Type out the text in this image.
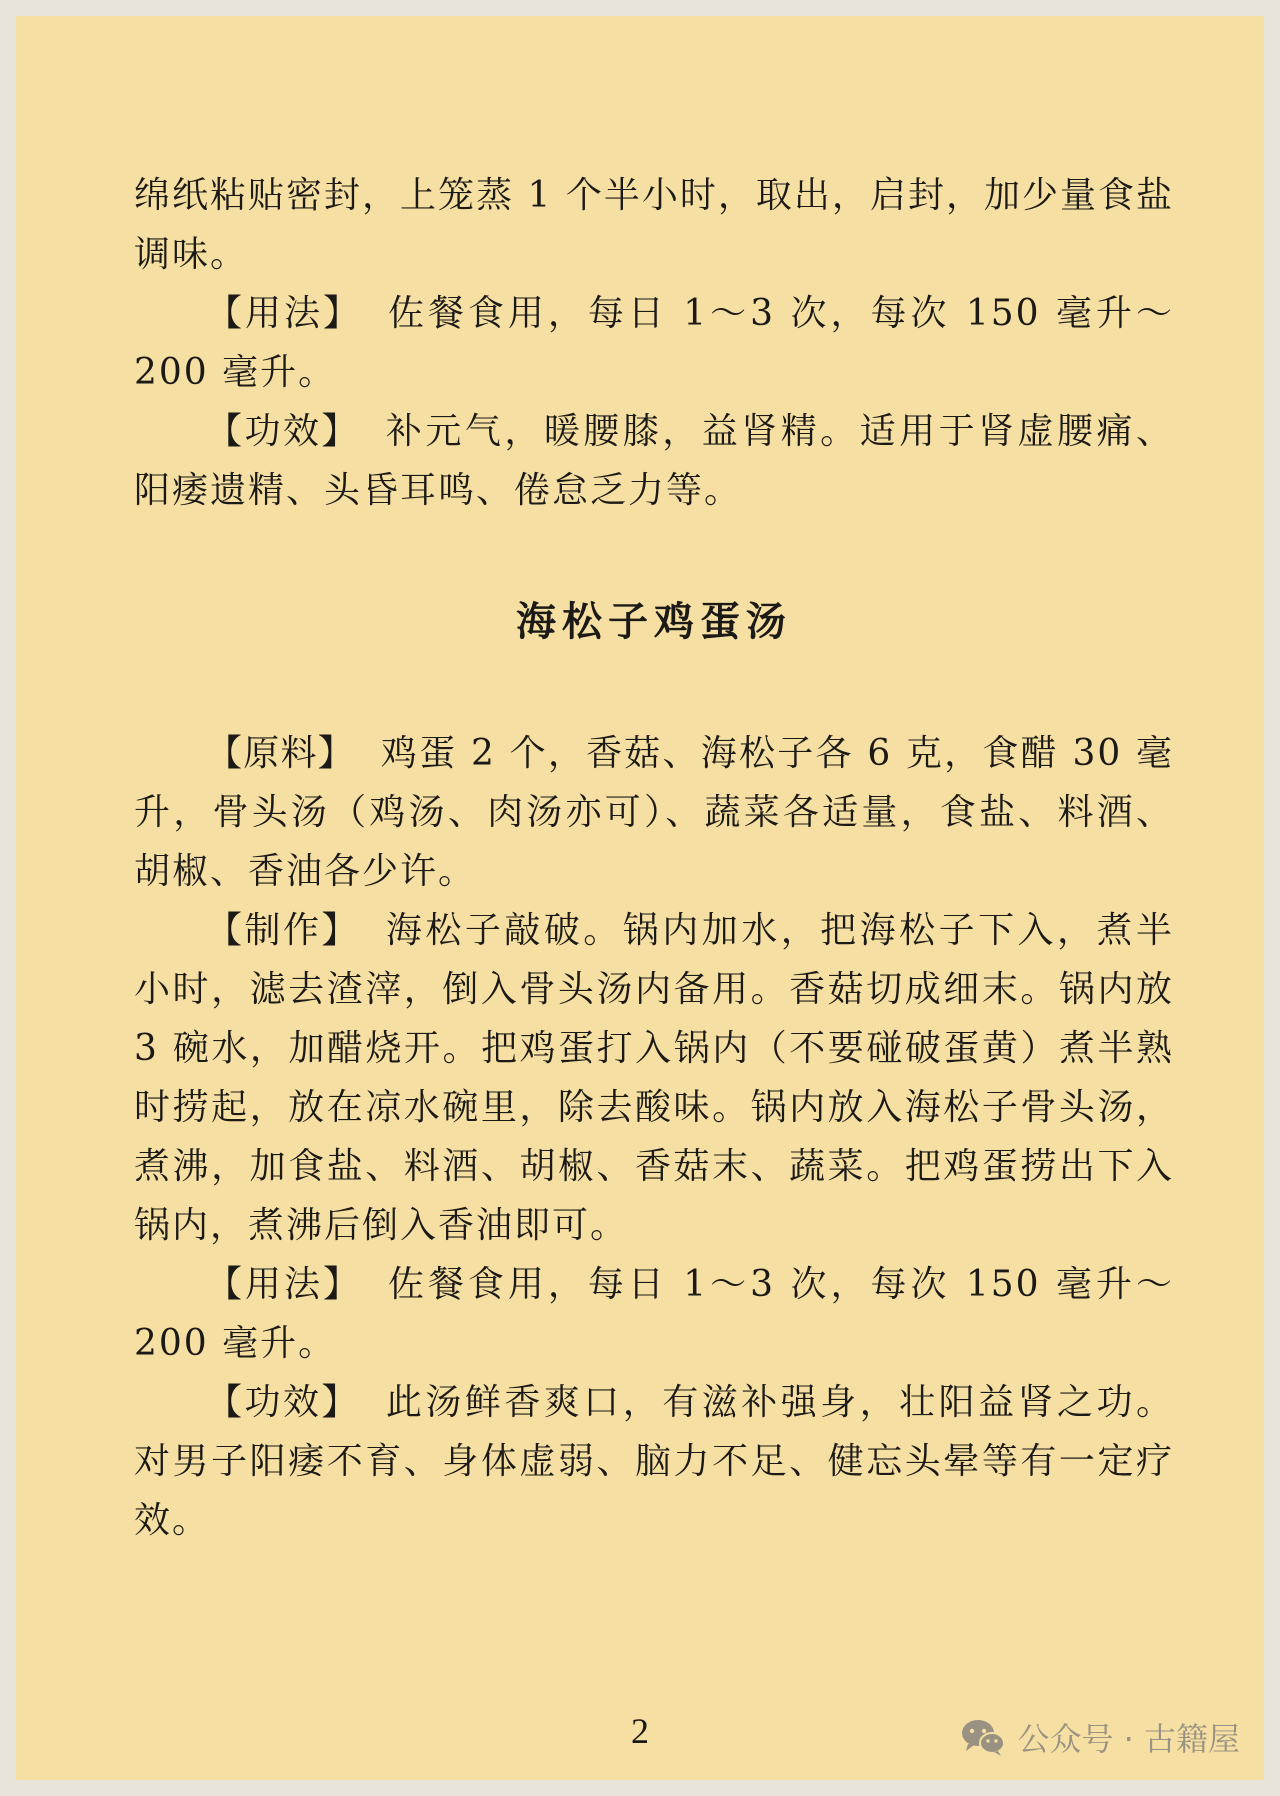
绵纸粘贴密封，上笼蒸 1 个半小时，取出，启封，加少量食盐调味。

【用法】 佐餐食用，每日 1～3 次，每次 150 毫升～200 毫升。

【功效】 补元气，暖腰膝，益肾精。适用于肾虚腰痛、阳痿遗精、头昏耳鸣、倦怠乏力等。

海松子鸡蛋汤

【原料】 鸡蛋 2 个，香菇、海松子各 6 克，食醋 30 毫升，骨头汤（鸡汤、肉汤亦可）、蔬菜各适量，食盐、料酒、胡椒、香油各少许。

【制作】 海松子敲破。锅内加水，把海松子下入，煮半小时，滤去渣滓，倒入骨头汤内备用。香菇切成细末。锅内放 3 碗水，加醋烧开。把鸡蛋打入锅内（不要碰破蛋黄）煮半熟时捞起，放在凉水碗里，除去酸味。锅内放入海松子骨头汤，煮沸，加食盐、料酒、胡椒、香菇末、蔬菜。把鸡蛋捞出下入锅内，煮沸后倒入香油即可。

【用法】 佐餐食用，每日 1～3 次，每次 150 毫升～200 毫升。

【功效】 此汤鲜香爽口，有滋补强身，壮阳益肾之功。对男子阳痿不育、身体虚弱、脑力不足、健忘头晕等有一定疗效。

2	公众号 · 古籍屋
